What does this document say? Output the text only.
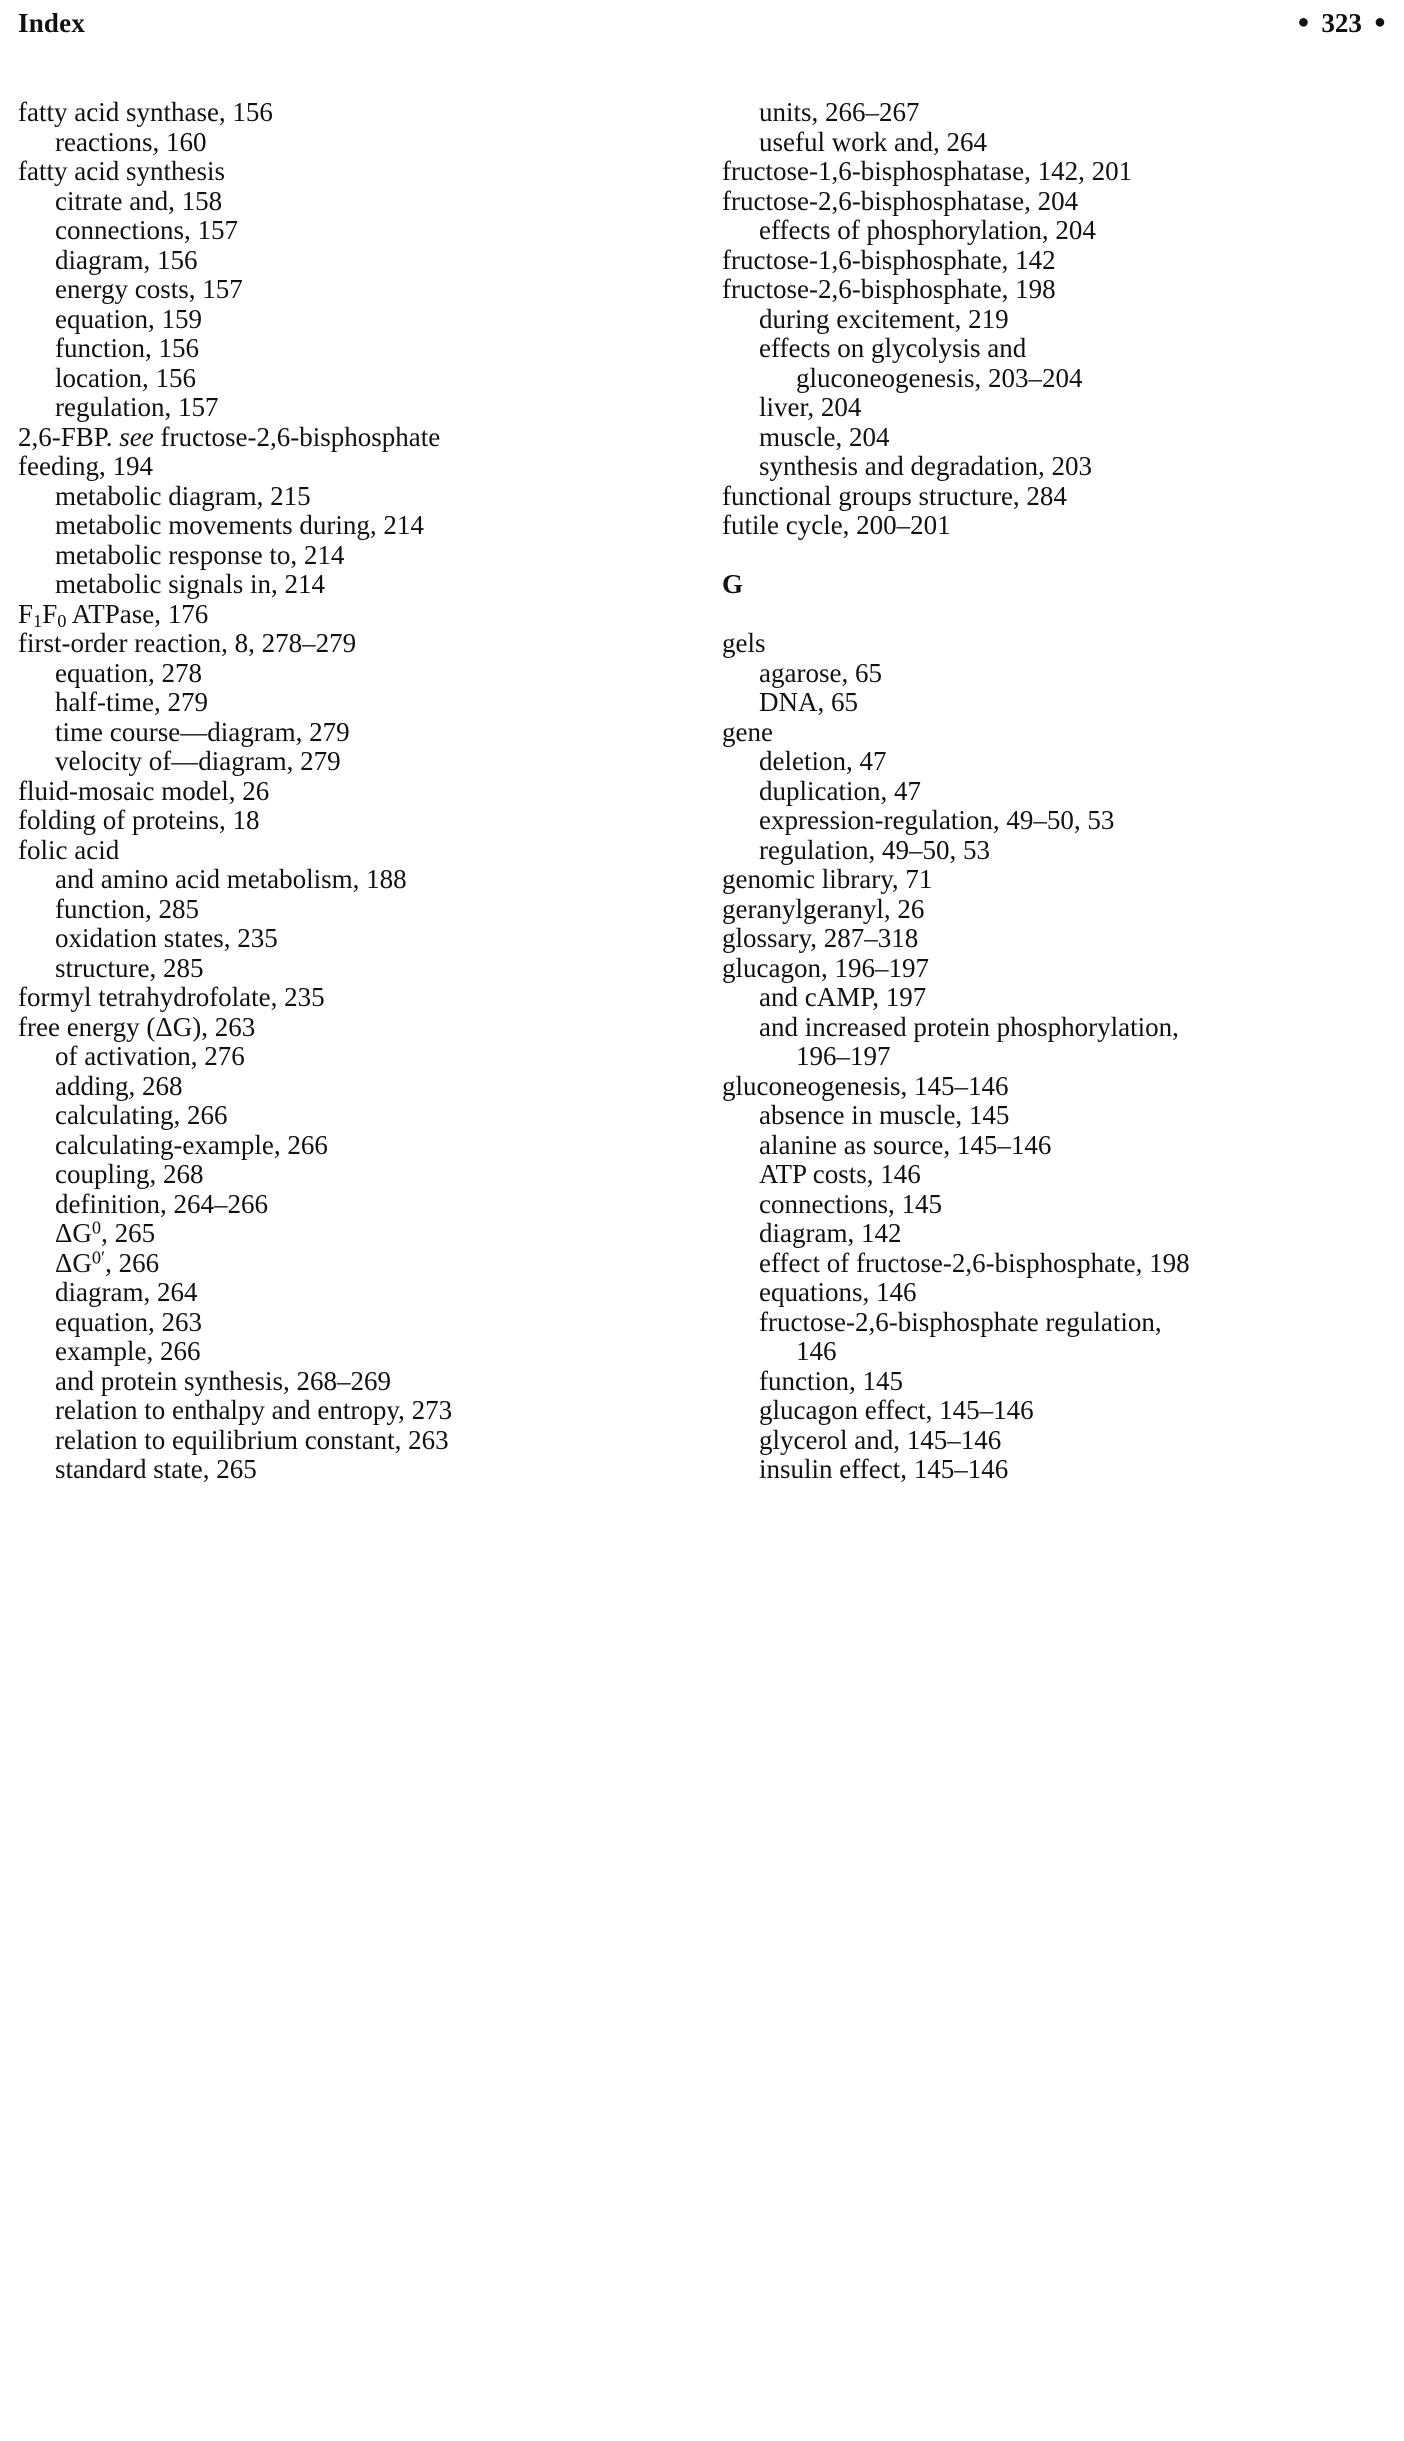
Index	● 323 ●
fatty acid synthase, 156
reactions, 160
fatty acid synthesis
citrate and, 158
connections, 157
diagram, 156
energy costs, 157
equation, 159
function, 156
location, 156
regulation, 157
2,6-FBP. see fructose-2,6-bisphosphate
feeding, 194
metabolic diagram, 215
metabolic movements during, 214
metabolic response to, 214
metabolic signals in, 214
$F_1F_0$ ATPase, 176
first-order reaction, 8, 278–279
equation, 278
half-time, 279
time course—diagram, 279
velocity of—diagram, 279
fluid-mosaic model, 26
folding of proteins, 18
folic acid
and amino acid metabolism, 188
function, 285
oxidation states, 235
structure, 285
formyl tetrahydrofolate, 235
free energy (ΔG), 263
of activation, 276
adding, 268
calculating, 266
calculating-example, 266
coupling, 268
definition, 264–266
$\Delta G^0$, 265
$\Delta G^{0'}$, 266
diagram, 264
equation, 263
example, 266
and protein synthesis, 268–269
relation to enthalpy and entropy, 273
relation to equilibrium constant, 263
standard state, 265
units, 266–267
useful work and, 264
fructose-1,6-bisphosphatase, 142, 201
fructose-2,6-bisphosphatase, 204
effects of phosphorylation, 204
fructose-1,6-bisphosphate, 142
fructose-2,6-bisphosphate, 198
during excitement, 219
effects on glycolysis and
gluconeogenesis, 203–204
liver, 204
muscle, 204
synthesis and degradation, 203
functional groups structure, 284
futile cycle, 200–201
G
gels
agarose, 65
DNA, 65
gene
deletion, 47
duplication, 47
expression-regulation, 49–50, 53
regulation, 49–50, 53
genomic library, 71
geranylgeranyl, 26
glossary, 287–318
glucagon, 196–197
and cAMP, 197
and increased protein phosphorylation,
196–197
gluconeogenesis, 145–146
absence in muscle, 145
alanine as source, 145–146
ATP costs, 146
connections, 145
diagram, 142
effect of fructose-2,6-bisphosphate, 198
equations, 146
fructose-2,6-bisphosphate regulation,
146
function, 145
glucagon effect, 145–146
glycerol and, 145–146
insulin effect, 145–146
